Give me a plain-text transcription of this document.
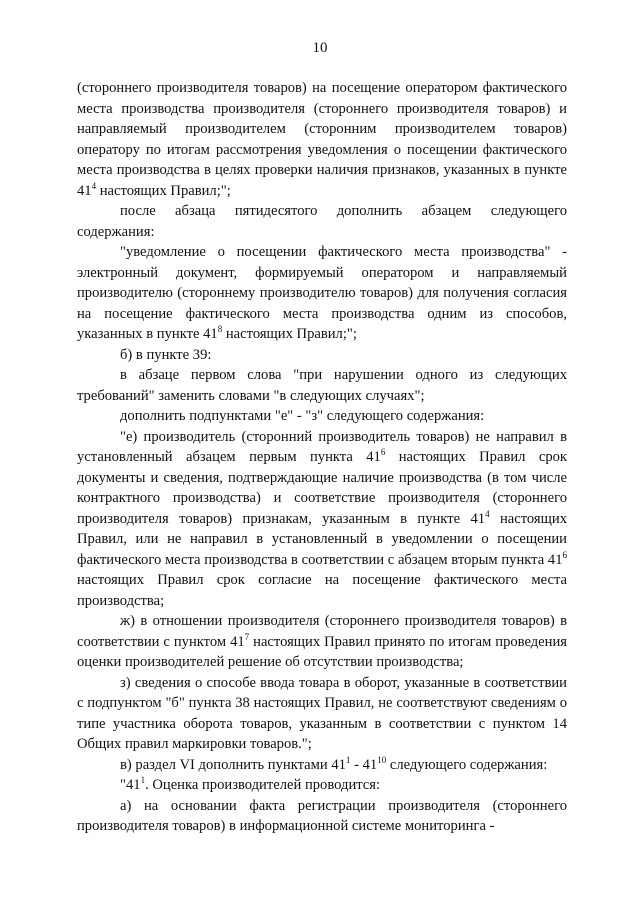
10

(стороннего производителя товаров) на посещение оператором фактического места производства производителя (стороннего производителя товаров) и направляемый производителем (сторонним производителем товаров) оператору по итогам рассмотрения уведомления о посещении фактического места производства в целях проверки наличия признаков, указанных в пункте $41^4$ настоящих Правил;";

после абзаца пятидесятого дополнить абзацем следующего содержания:

"уведомление о посещении фактического места производства" - электронный документ, формируемый оператором и направляемый производителю (стороннему производителю товаров) для получения согласия на посещение фактического места производства одним из способов, указанных в пункте $41^8$ настоящих Правил;";

б) в пункте 39:

в абзаце первом слова "при нарушении одного из следующих требований" заменить словами "в следующих случаях";

дополнить подпунктами "е" - "з" следующего содержания:

"е) производитель (сторонний производитель товаров) не направил в установленный абзацем первым пункта $41^6$ настоящих Правил срок документы и сведения, подтверждающие наличие производства (в том числе контрактного производства) и соответствие производителя (стороннего производителя товаров) признакам, указанным в пункте $41^4$ настоящих Правил, или не направил в установленный в уведомлении о посещении фактического места производства в соответствии с абзацем вторым пункта $41^6$ настоящих Правил срок согласие на посещение фактического места производства;

ж) в отношении производителя (стороннего производителя товаров) в соответствии с пунктом $41^7$ настоящих Правил принято по итогам проведения оценки производителей решение об отсутствии производства;

з) сведения о способе ввода товара в оборот, указанные в соответствии с подпунктом "б" пункта 38 настоящих Правил, не соответствуют сведениям о типе участника оборота товаров, указанным в соответствии с пунктом 14 Общих правил маркировки товаров.";

в) раздел VI дополнить пунктами $41^1 - 41^{10}$ следующего содержания:

"$41^1$. Оценка производителей проводится:

а) на основании факта регистрации производителя (стороннего производителя товаров) в информационной системе мониторинга -
